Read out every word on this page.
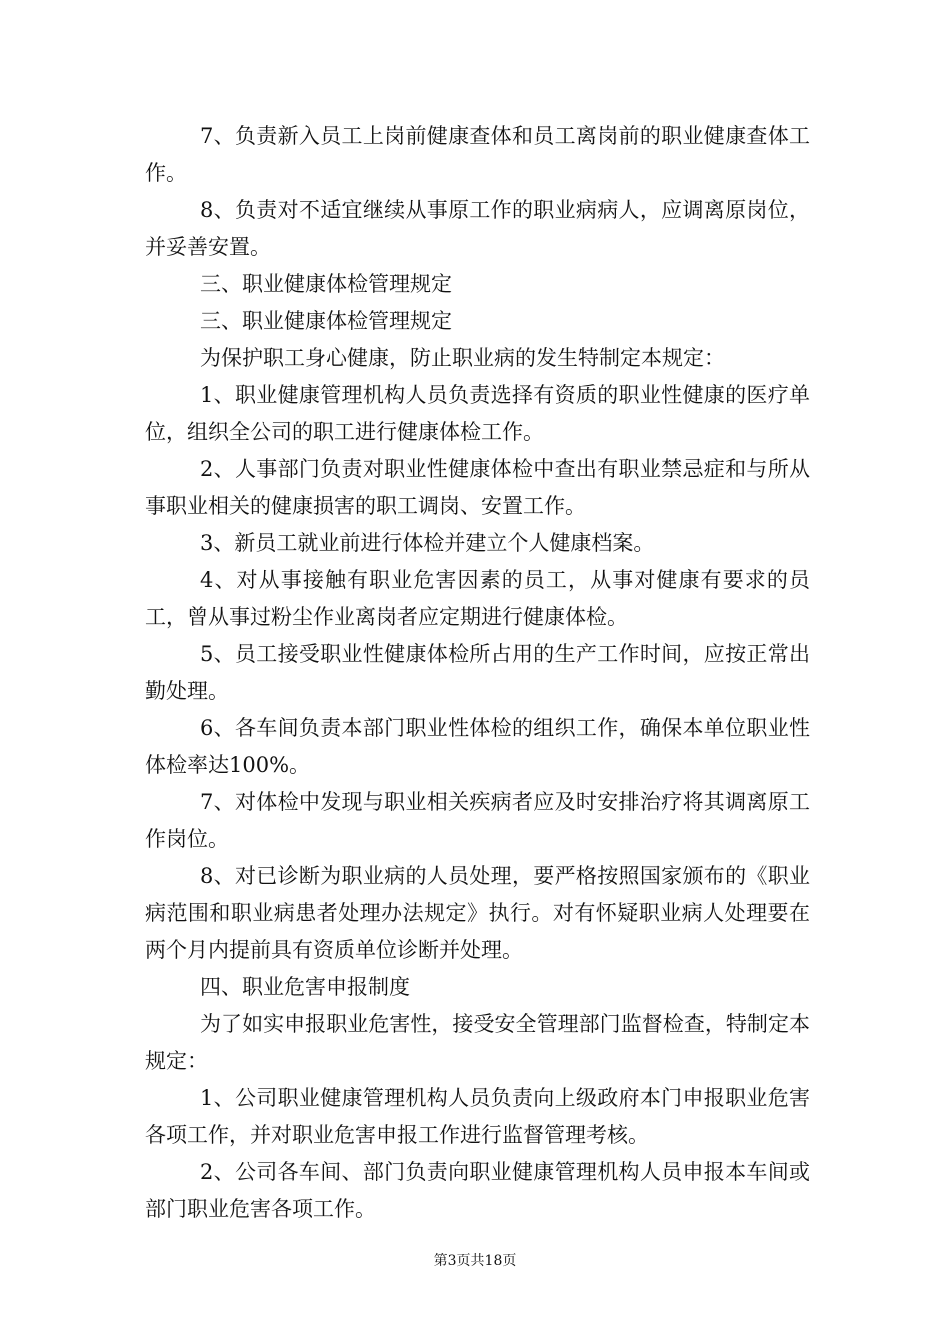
7、负责新入员工上岗前健康查体和员工离岗前的职业健康查体工作。

8、负责对不适宜继续从事原工作的职业病病人，应调离原岗位，并妥善安置。

三、职业健康体检管理规定

三、职业健康体检管理规定

为保护职工身心健康，防止职业病的发生特制定本规定：

1、职业健康管理机构人员负责选择有资质的职业性健康的医疗单位，组织全公司的职工进行健康体检工作。

2、人事部门负责对职业性健康体检中查出有职业禁忌症和与所从事职业相关的健康损害的职工调岗、安置工作。

3、新员工就业前进行体检并建立个人健康档案。

4、对从事接触有职业危害因素的员工，从事对健康有要求的员工，曾从事过粉尘作业离岗者应定期进行健康体检。

5、员工接受职业性健康体检所占用的生产工作时间，应按正常出勤处理。

6、各车间负责本部门职业性体检的组织工作，确保本单位职业性体检率达100%。

7、对体检中发现与职业相关疾病者应及时安排治疗将其调离原工作岗位。

8、对已诊断为职业病的人员处理，要严格按照国家颁布的《职业病范围和职业病患者处理办法规定》执行。对有怀疑职业病人处理要在两个月内提前具有资质单位诊断并处理。

四、职业危害申报制度

为了如实申报职业危害性，接受安全管理部门监督检查，特制定本规定：

1、公司职业健康管理机构人员负责向上级政府本门申报职业危害各项工作，并对职业危害申报工作进行监督管理考核。

2、公司各车间、部门负责向职业健康管理机构人员申报本车间或部门职业危害各项工作。

第3页共18页
